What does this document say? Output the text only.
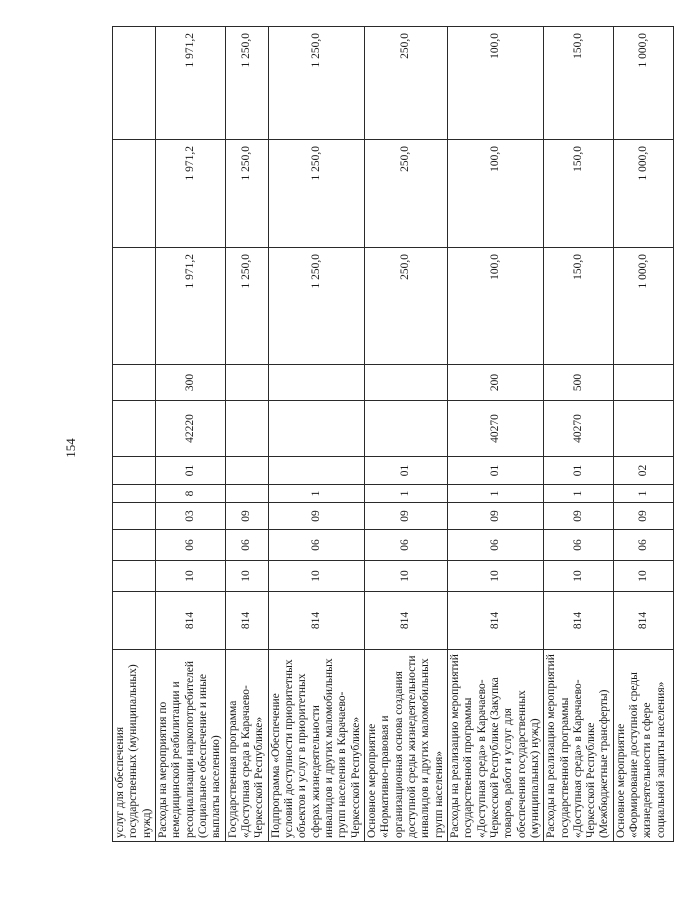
154
услуг для обеспечения государственных (муниципальных) нужд)											
Расходы на мероприятия по немедицинской реабилитации и ресоциализации наркопотребителей (Социальное обеспечение и иные выплаты населению)	814	10	06	03	8	01	42220	300	1 971,2	1 971,2	1 971,2
Государственная программа «Доступная среда в Карачаево-Черкесской Республике»	814	10	06	09					1 250,0	1 250,0	1 250,0
Подпрограмма «Обеспечение условий доступности приоритетных объектов и услуг в приоритетных сферах жизнедеятельности инвалидов и других маломобильных групп населения в Карачаево-Черкесской Республике»	814	10	06	09	1				1 250,0	1 250,0	1 250,0
Основное мероприятие «Нормативно-правовая и организационная основа создания доступной среды жизнедеятельности инвалидов и других маломобильных групп населения»	814	10	06	09	1	01			250,0	250,0	250,0
Расходы на реализацию мероприятий государственной программы «Доступная среда» в Карачаево-Черкесской Республике (Закупка товаров, работ и услуг для обеспечения государственных (муниципальных) нужд)	814	10	06	09	1	01	40270	200	100,0	100,0	100,0
Расходы на реализацию мероприятий государственной программы «Доступная среда» в Карачаево-Черкесской Республике (Межбюджетные трансферты)	814	10	06	09	1	01	40270	500	150,0	150,0	150,0
Основное мероприятие «Формирование доступной среды жизнедеятельности в сфере социальной защиты населения»	814	10	06	09	1	02			1 000,0	1 000,0	1 000,0
